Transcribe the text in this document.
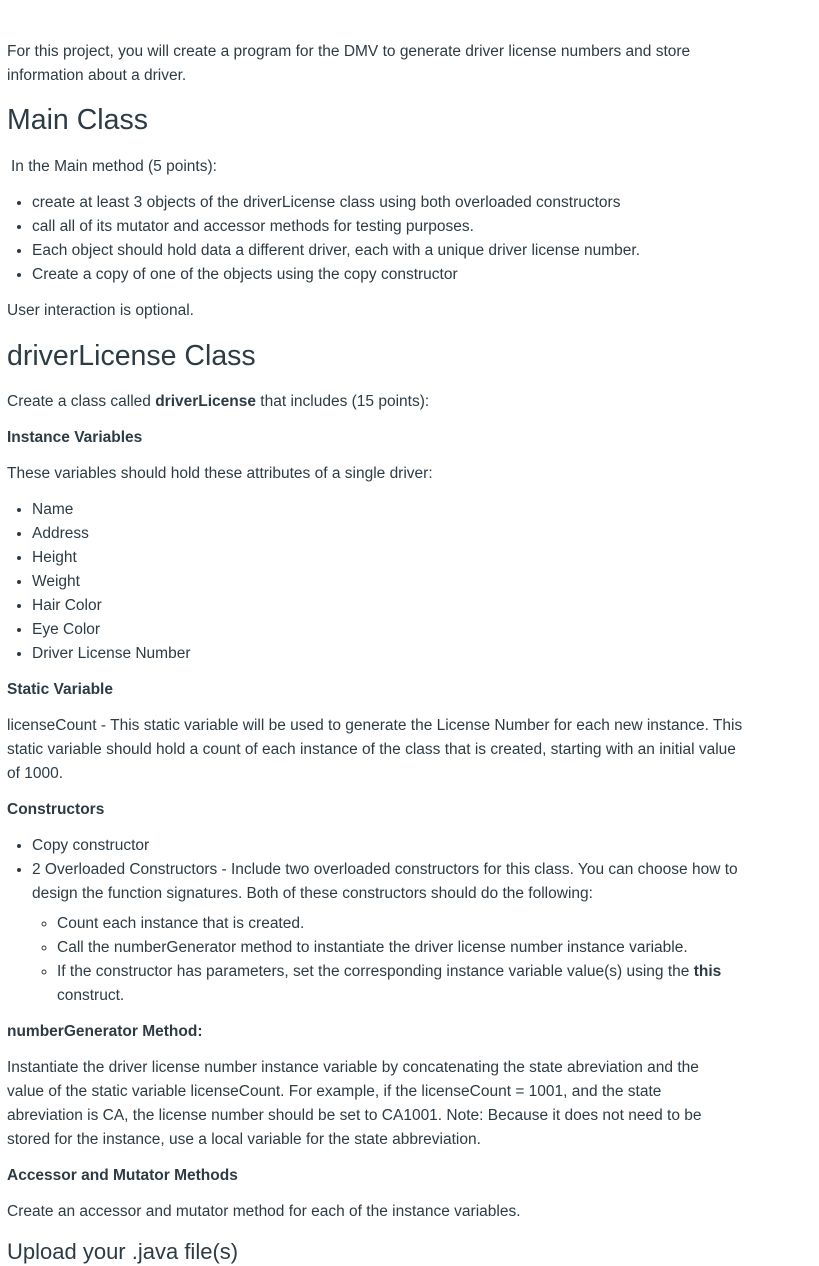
For this project, you will create a program for the DMV to generate driver license numbers and store information about a driver.

Main Class

In the Main method (5 points):

• create at least 3 objects of the driverLicense class using both overloaded constructors
• call all of its mutator and accessor methods for testing purposes.
• Each object should hold data a different driver, each with a unique driver license number.
• Create a copy of one of the objects using the copy constructor

User interaction is optional.

driverLicense Class

Create a class called driverLicense that includes (15 points):

Instance Variables

These variables should hold these attributes of a single driver:

• Name
• Address
• Height
• Weight
• Hair Color
• Eye Color
• Driver License Number

Static Variable

licenseCount - This static variable will be used to generate the License Number for each new instance. This static variable should hold a count of each instance of the class that is created, starting with an initial value of 1000.

Constructors

• Copy constructor
• 2 Overloaded Constructors - Include two overloaded constructors for this class. You can choose how to design the function signatures. Both of these constructors should do the following:
◦ Count each instance that is created.
◦ Call the numberGenerator method to instantiate the driver license number instance variable.
◦ If the constructor has parameters, set the corresponding instance variable value(s) using the this construct.

numberGenerator Method:

Instantiate the driver license number instance variable by concatenating the state abreviation and the value of the static variable licenseCount. For example, if the licenseCount = 1001, and the state abreviation is CA, the license number should be set to CA1001. Note: Because it does not need to be stored for the instance, use a local variable for the state abbreviation.

Accessor and Mutator Methods

Create an accessor and mutator method for each of the instance variables.

Upload your .java file(s)
